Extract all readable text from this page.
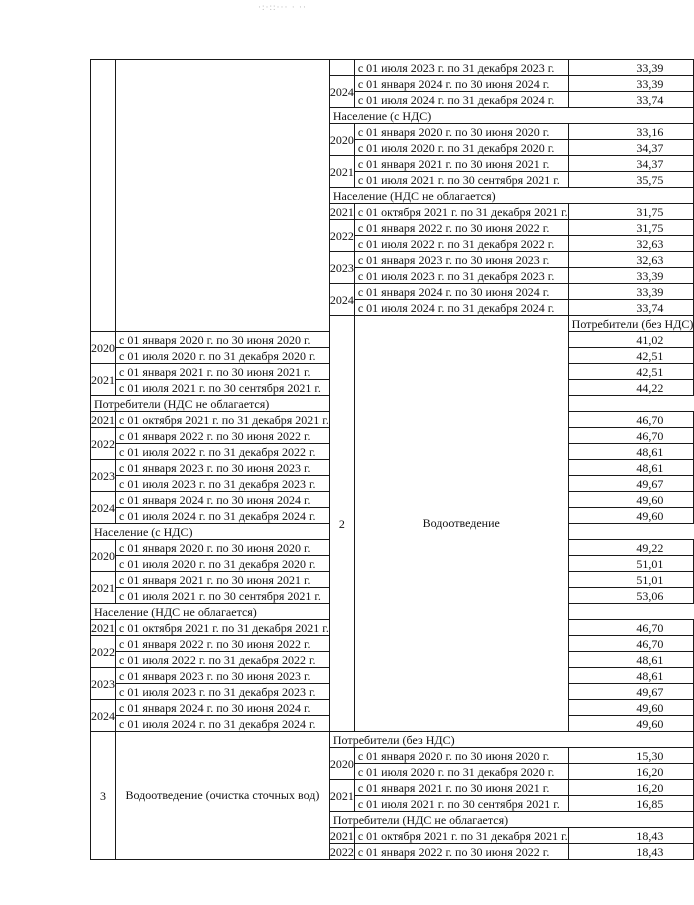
·:·::··· · ··
			с 01 июля 2023 г. по 31 декабря 2023 г.	33,39
		2024	с 01 января 2024 г. по 30 июня 2024 г.	33,39
			с 01 июля 2024 г. по 31 декабря 2024 г.	33,74
		Население (с НДС)		
		2020	с 01 января 2020 г. по 30 июня 2020 г.	33,16
			с 01 июля 2020 г. по 31 декабря 2020 г.	34,37
		2021	с 01 января 2021 г. по 30 июня 2021 г.	34,37
			с 01 июля 2021 г. по 30 сентября 2021 г.	35,75
		Население (НДС не облагается)		
		2021	с 01 октября 2021 г. по 31 декабря 2021 г.	31,75
		2022	с 01 января 2022 г. по 30 июня 2022 г.	31,75
			с 01 июля 2022 г. по 31 декабря 2022 г.	32,63
		2023	с 01 января 2023 г. по 30 июня 2023 г.	32,63
			с 01 июля 2023 г. по 31 декабря 2023 г.	33,39
		2024	с 01 января 2024 г. по 30 июня 2024 г.	33,39
			с 01 июля 2024 г. по 31 декабря 2024 г.	33,74
		2	Водоотведение	Потребители (без НДС)
2020	с 01 января 2020 г. по 30 июня 2020 г.			41,02
	с 01 июля 2020 г. по 31 декабря 2020 г.			42,51
2021	с 01 января 2021 г. по 30 июня 2021 г.			42,51
	с 01 июля 2021 г. по 30 сентября 2021 г.			44,22
Потребители (НДС не облагается)				
2021	с 01 октября 2021 г. по 31 декабря 2021 г.			46,70
2022	с 01 января 2022 г. по 30 июня 2022 г.			46,70
	с 01 июля 2022 г. по 31 декабря 2022 г.			48,61
2023	с 01 января 2023 г. по 30 июня 2023 г.			48,61
	с 01 июля 2023 г. по 31 декабря 2023 г.			49,67
2024	с 01 января 2024 г. по 30 июня 2024 г.			49,60
	с 01 июля 2024 г. по 31 декабря 2024 г.			49,60
Население (с НДС)				
2020	с 01 января 2020 г. по 30 июня 2020 г.			49,22
	с 01 июля 2020 г. по 31 декабря 2020 г.			51,01
2021	с 01 января 2021 г. по 30 июня 2021 г.			51,01
	с 01 июля 2021 г. по 30 сентября 2021 г.			53,06
Население (НДС не облагается)				
2021	с 01 октября 2021 г. по 31 декабря 2021 г.			46,70
2022	с 01 января 2022 г. по 30 июня 2022 г.			46,70
	с 01 июля 2022 г. по 31 декабря 2022 г.			48,61
2023	с 01 января 2023 г. по 30 июня 2023 г.			48,61
	с 01 июля 2023 г. по 31 декабря 2023 г.			49,67
2024	с 01 января 2024 г. по 30 июня 2024 г.			49,60
	с 01 июля 2024 г. по 31 декабря 2024 г.			49,60
3	Водоотведение (очистка сточных вод)	Потребители (без НДС)		
		2020	с 01 января 2020 г. по 30 июня 2020 г.	15,30
			с 01 июля 2020 г. по 31 декабря 2020 г.	16,20
		2021	с 01 января 2021 г. по 30 июня 2021 г.	16,20
			с 01 июля 2021 г. по 30 сентября 2021 г.	16,85
		Потребители (НДС не облагается)		
		2021	с 01 октября 2021 г. по 31 декабря 2021 г.	18,43
		2022	с 01 января 2022 г. по 30 июня 2022 г.	18,43
